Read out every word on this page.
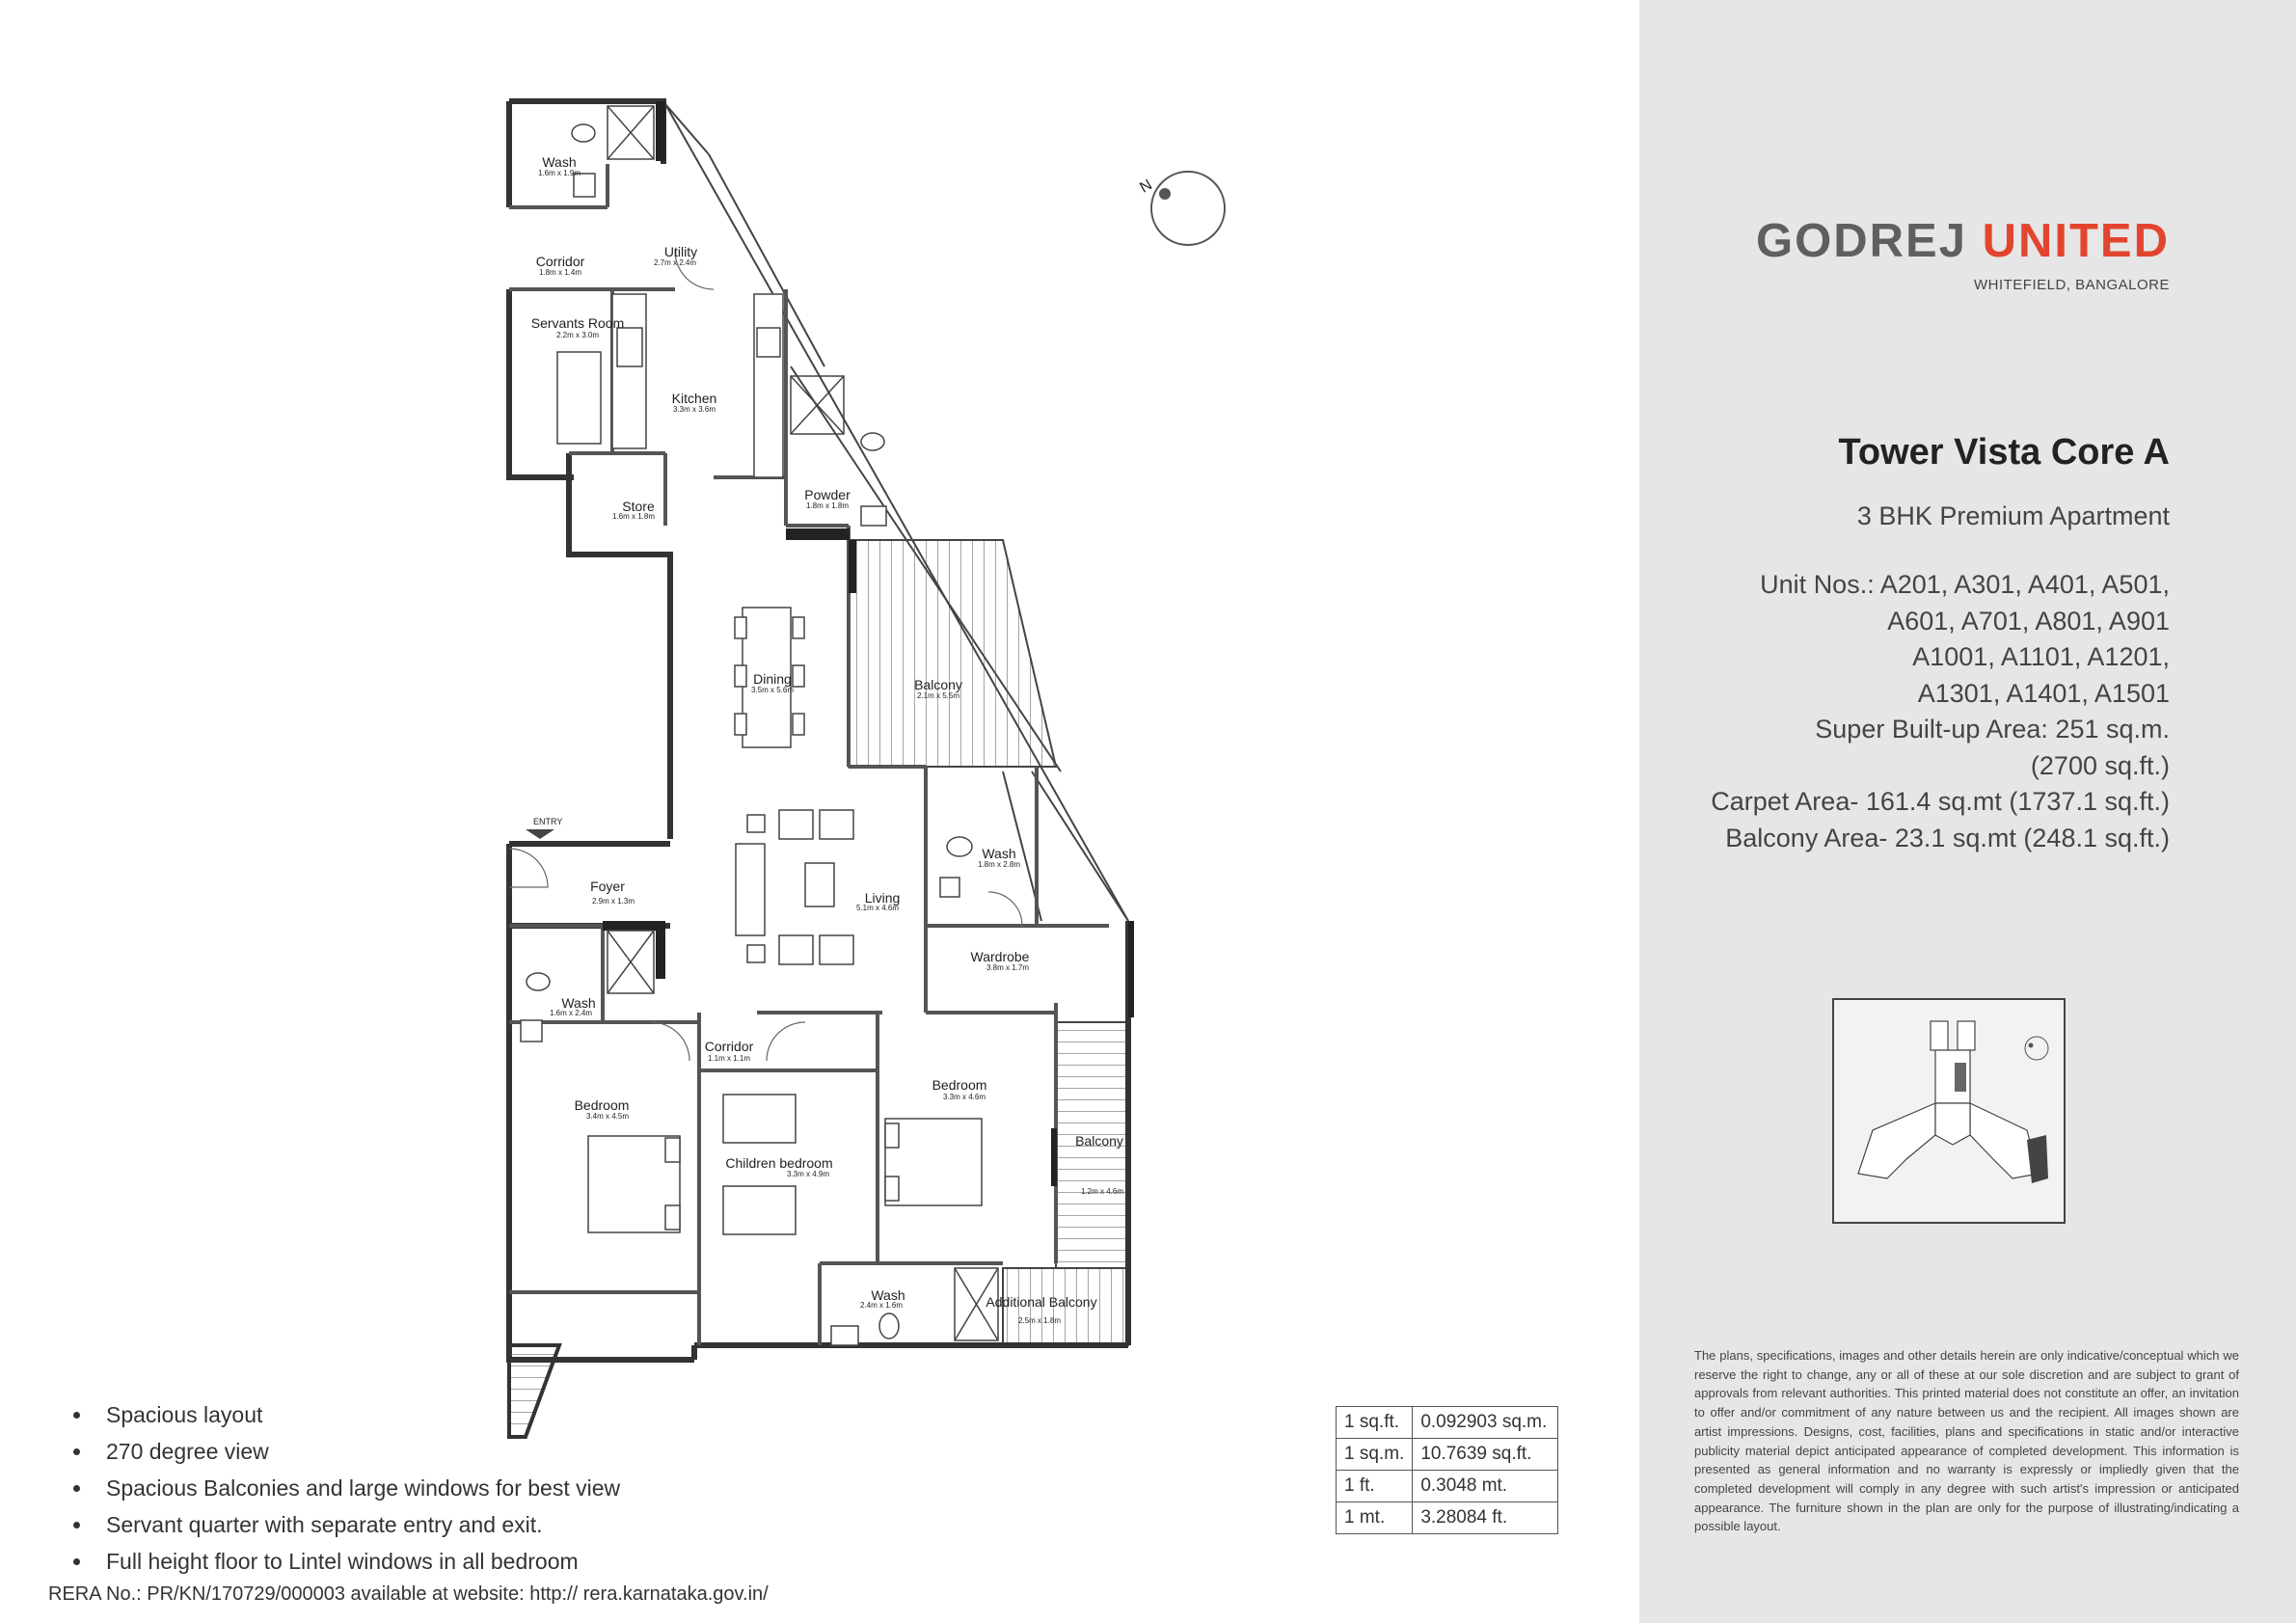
N
ENTRY
Wash
1.6m x 1.9m
Corridor
1.8m x 1.4m
Utility
2.7m x 2.4m
Servants Room
2.2m x 3.0m
Kitchen
3.3m x 3.6m
Store
1.6m x 1.8m
Powder
1.8m x 1.8m
Dining
3.5m x 5.6m	Balcony
2.1m x 5.5m
Wash
1.8m x 2.8m
Living
5.1m x 4.6m
Foyer
2.9m x 1.3m
Wardrobe
3.8m x 1.7m
Wash
1.6m x 2.4m
Corridor
1.1m x 1.1m
Bedroom
3.4m x 4.5m
Bedroom
3.3m x 4.6m
Children bedroom
3.3m x 4.9m
Balcony
1.2m x 4.6m
Wash
2.4m x 1.6m	Additional Balcony
2.5m x 1.8m
GODREJ UNITED
WHITEFIELD, BANGALORE
Tower Vista Core A
3 BHK Premium Apartment
Unit Nos.: A201, A301, A401, A501,
A601, A701, A801, A901
A1001, A1101, A1201,
A1301, A1401, A1501
Super Built-up Area: 251 sq.m.
(2700 sq.ft.)
Carpet Area- 161.4 sq.mt (1737.1 sq.ft.)
Balcony Area- 23.1 sq.mt (248.1 sq.ft.)
The plans, specifications, images and other details herein are only indicative/conceptual which we reserve the right to change, any or all of these at our sole discretion and are subject to grant of approvals from relevant authorities. This printed material does not constitute an offer, an invitation to offer and/or commitment of any nature between us and the recipient. All images shown are artist impressions. Designs, cost, facilities, plans and specifications in static and/or interactive publicity material depict anticipated appearance of completed development. This information is presented as general information and no warranty is expressly or impliedly given that the completed development will comply in any degree with such artist's impression or anticipated appearance. The furniture shown in the plan are only for the purpose of illustrating/indicating a possible layout.
Spacious layout
270 degree view
Spacious Balconies and large windows for best view
Servant quarter with separate entry and exit.
Full height floor to Lintel windows in all bedroom
RERA No.: PR/KN/170729/000003 available at website: http:// rera.karnataka.gov.in/
1 sq.ft.	0.092903 sq.m.
1 sq.m.	10.7639 sq.ft.
1 ft.	0.3048 mt.
1 mt.	3.28084 ft.
